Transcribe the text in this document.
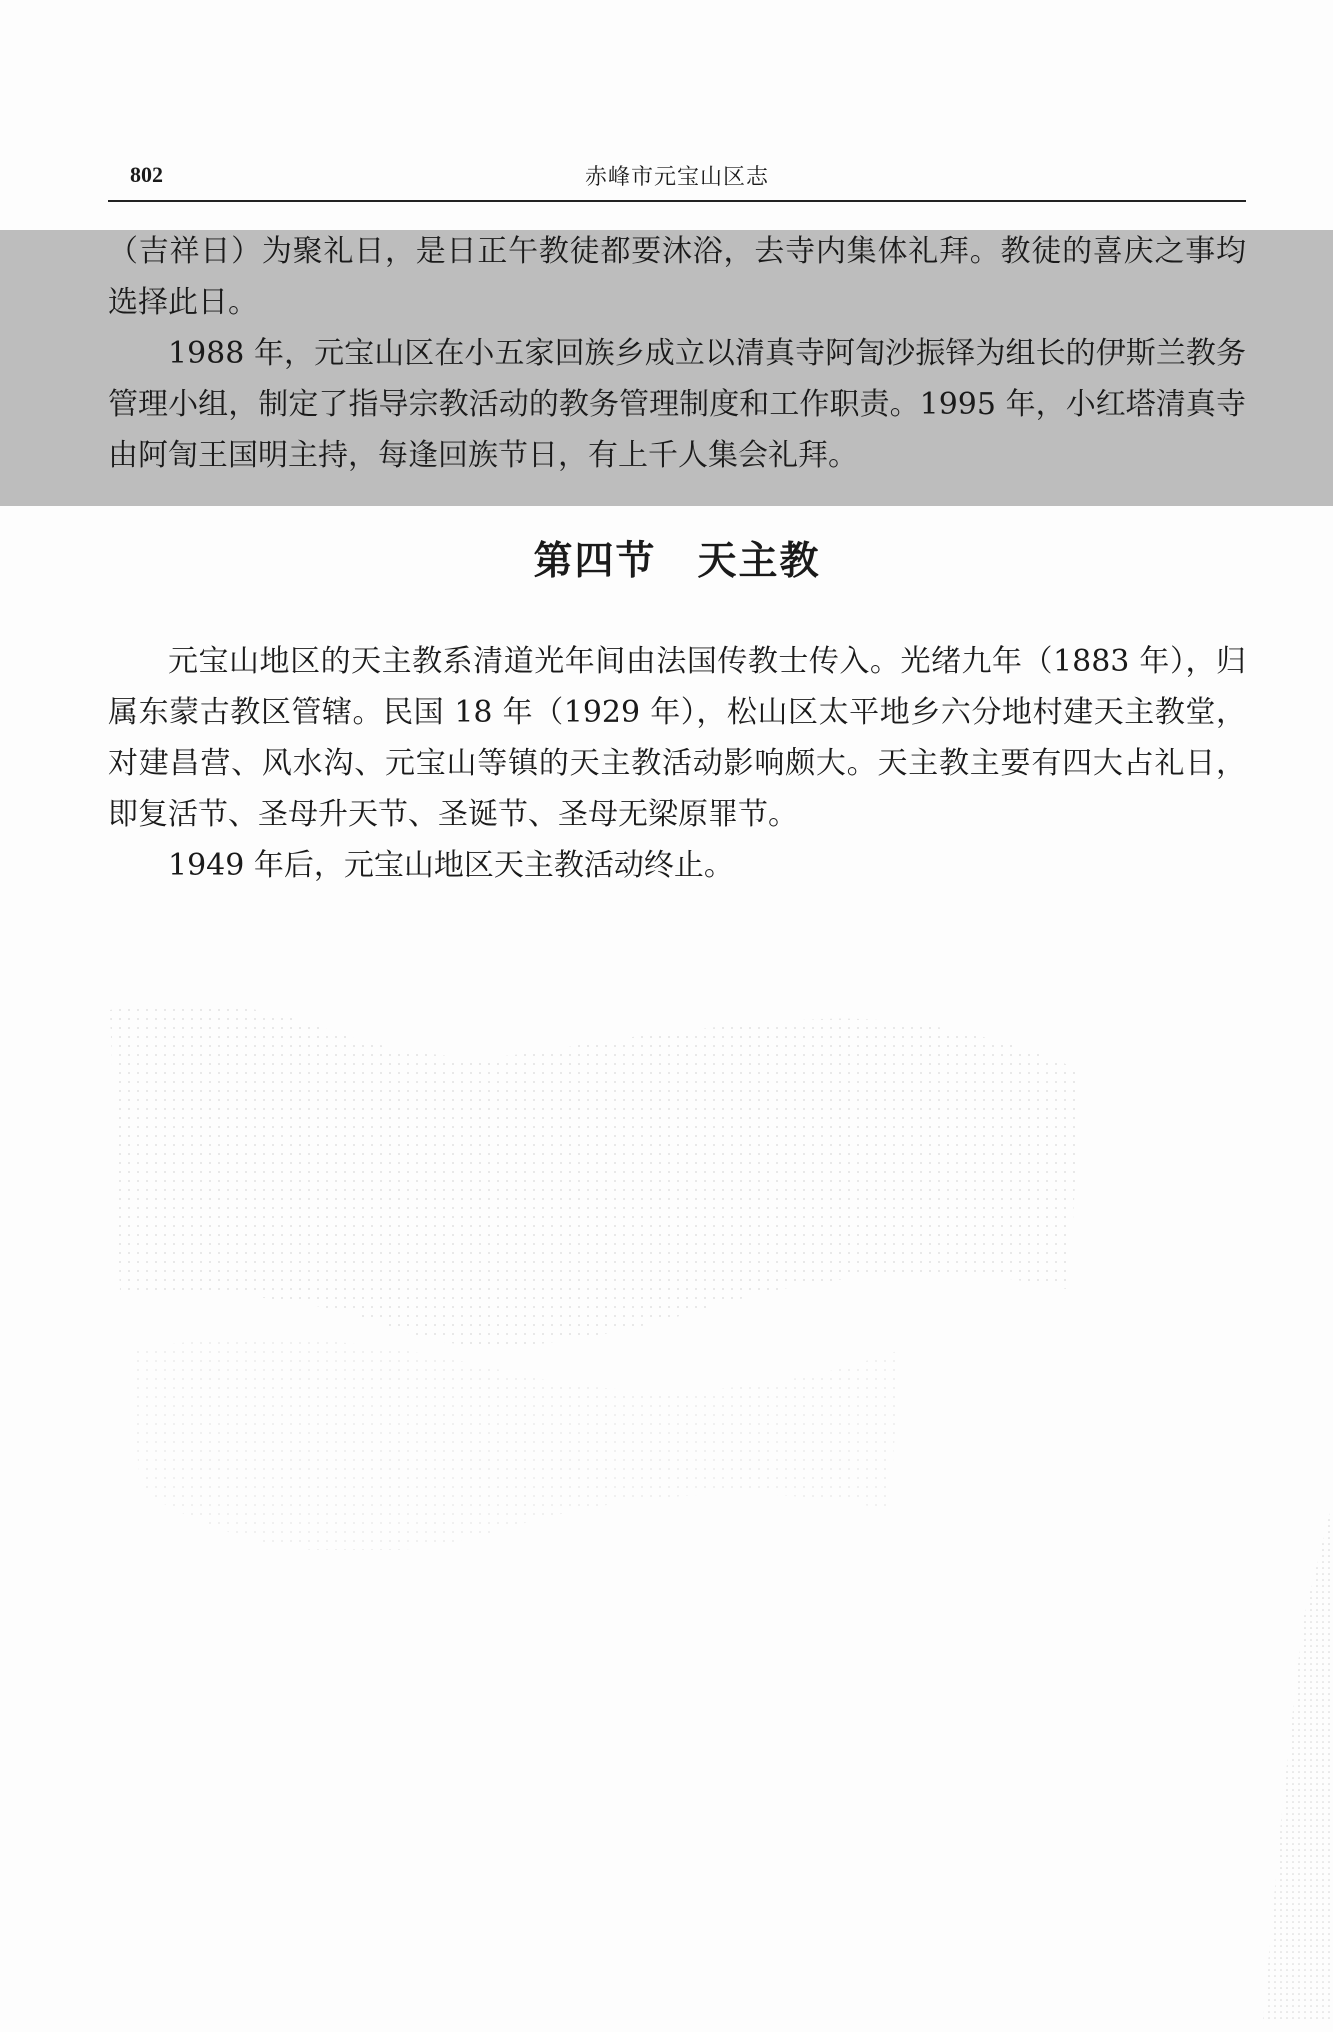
802	赤峰市元宝山区志

（吉祥日）为聚礼日，是日正午教徒都要沐浴，去寺内集体礼拜。教徒的喜庆之事均选择此日。

1988 年，元宝山区在小五家回族乡成立以清真寺阿訇沙振铎为组长的伊斯兰教务管理小组，制定了指导宗教活动的教务管理制度和工作职责。1995 年，小红塔清真寺由阿訇王国明主持，每逢回族节日，有上千人集会礼拜。

第四节　天主教

元宝山地区的天主教系清道光年间由法国传教士传入。光绪九年（1883 年），归属东蒙古教区管辖。民国 18 年（1929 年），松山区太平地乡六分地村建天主教堂，对建昌营、风水沟、元宝山等镇的天主教活动影响颇大。天主教主要有四大占礼日，即复活节、圣母升天节、圣诞节、圣母无梁原罪节。

1949 年后，元宝山地区天主教活动终止。
